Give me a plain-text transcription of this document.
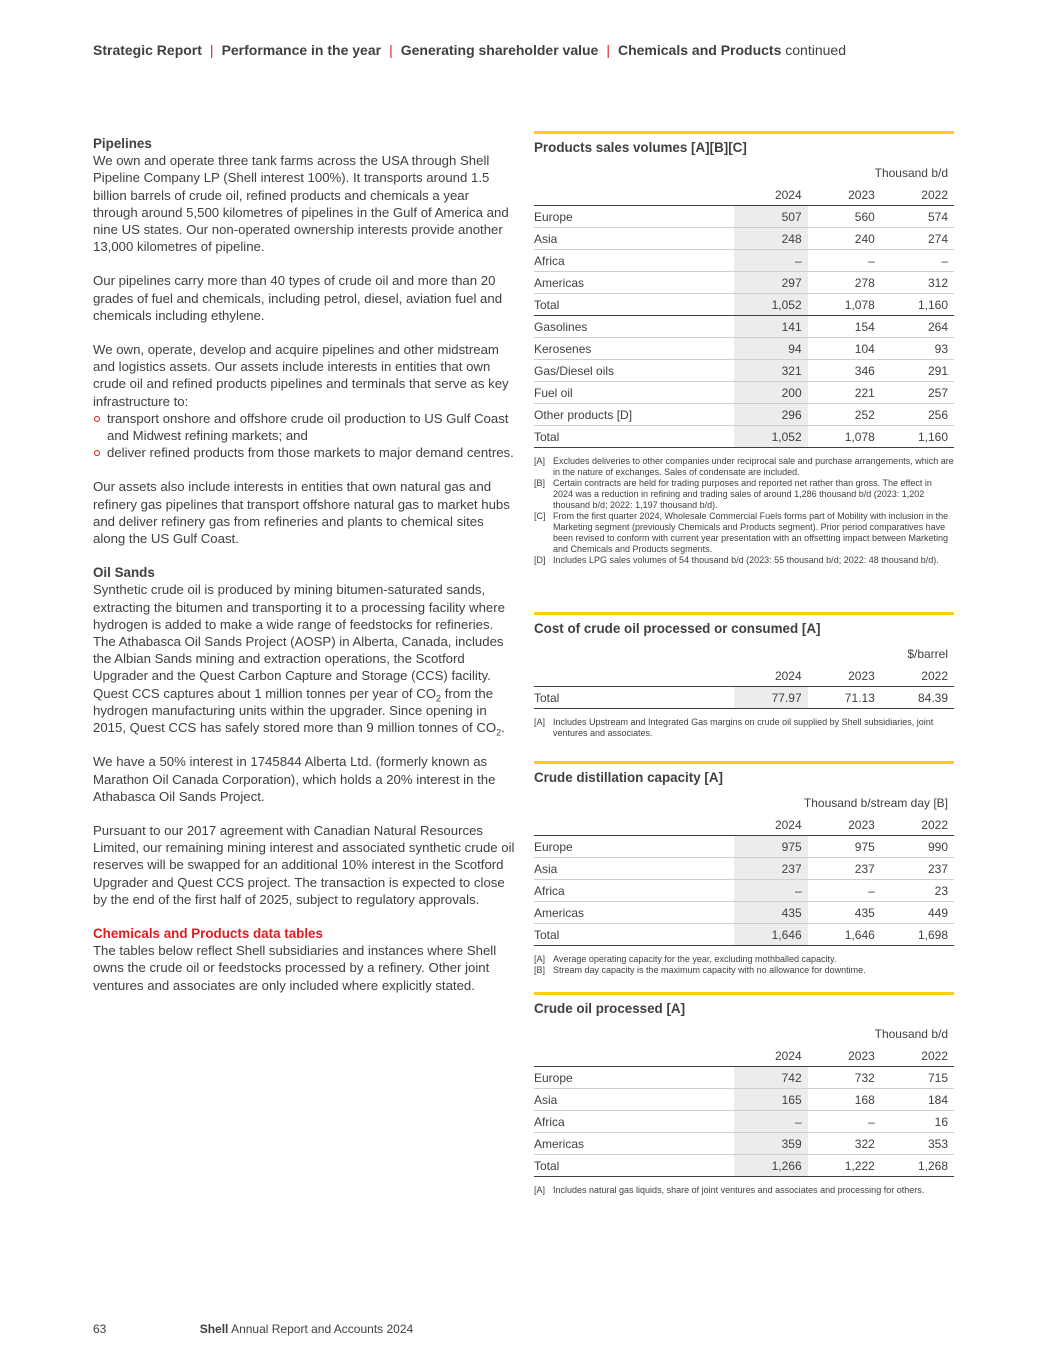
Strategic Report | Performance in the year | Generating shareholder value | Chemicals and Products continued
Pipelines

We own and operate three tank farms across the USA through Shell Pipeline Company LP (Shell interest 100%). It transports around 1.5 billion barrels of crude oil, refined products and chemicals a year through around 5,500 kilometres of pipelines in the Gulf of America and nine US states. Our non-operated ownership interests provide another 13,000 kilometres of pipeline.

Our pipelines carry more than 40 types of crude oil and more than 20 grades of fuel and chemicals, including petrol, diesel, aviation fuel and chemicals including ethylene.

We own, operate, develop and acquire pipelines and other midstream and logistics assets. Our assets include interests in entities that own crude oil and refined products pipelines and terminals that serve as key infrastructure to:

transport onshore and offshore crude oil production to US Gulf Coast and Midwest refining markets; and
deliver refined products from those markets to major demand centres.

Our assets also include interests in entities that own natural gas and refinery gas pipelines that transport offshore natural gas to market hubs and deliver refinery gas from refineries and plants to chemical sites along the US Gulf Coast.

Oil Sands

Synthetic crude oil is produced by mining bitumen-saturated sands, extracting the bitumen and transporting it to a processing facility where hydrogen is added to make a wide range of feedstocks for refineries. The Athabasca Oil Sands Project (AOSP) in Alberta, Canada, includes the Albian Sands mining and extraction operations, the Scotford Upgrader and the Quest Carbon Capture and Storage (CCS) facility. Quest CCS captures about 1 million tonnes per year of $CO_2$ from the hydrogen manufacturing units within the upgrader. Since opening in 2015, Quest CCS has safely stored more than 9 million tonnes of $CO_2$.

We have a 50% interest in 1745844 Alberta Ltd. (formerly known as Marathon Oil Canada Corporation), which holds a 20% interest in the Athabasca Oil Sands Project.

Pursuant to our 2017 agreement with Canadian Natural Resources Limited, our remaining mining interest and associated synthetic crude oil reserves will be swapped for an additional 10% interest in the Scotford Upgrader and Quest CCS project. The transaction is expected to close by the end of the first half of 2025, subject to regulatory approvals.

Chemicals and Products data tables

The tables below reflect Shell subsidiaries and instances where Shell owns the crude oil or feedstocks processed by a refinery. Other joint ventures and associates are only included where explicitly stated.

Products sales volumes [A][B][C]
Thousand b/d
	2024	2023	2022
Europe	507	560	574
Asia	248	240	274
Africa	–	–	–
Americas	297	278	312
Total	1,052	1,078	1,160
Gasolines	141	154	264
Kerosenes	94	104	93
Gas/Diesel oils	321	346	291
Fuel oil	200	221	257
Other products [D]	296	252	256
Total	1,052	1,078	1,160
[A] Excludes deliveries to other companies under reciprocal sale and purchase arrangements, which are in the nature of exchanges. Sales of condensate are included.
[B] Certain contracts are held for trading purposes and reported net rather than gross. The effect in 2024 was a reduction in refining and trading sales of around 1,286 thousand b/d (2023: 1,202 thousand b/d; 2022: 1,197 thousand b/d).
[C] From the first quarter 2024, Wholesale Commercial Fuels forms part of Mobility with inclusion in the Marketing segment (previously Chemicals and Products segment). Prior period comparatives have been revised to conform with current year presentation with an offsetting impact between Marketing and Chemicals and Products segments.
[D] Includes LPG sales volumes of 54 thousand b/d (2023: 55 thousand b/d; 2022: 48 thousand b/d).
Cost of crude oil processed or consumed [A]
$/barrel
	2024	2023	2022
Total	77.97	71.13	84.39
[A] Includes Upstream and Integrated Gas margins on crude oil supplied by Shell subsidiaries, joint ventures and associates.
Crude distillation capacity [A]
Thousand b/stream day [B]
	2024	2023	2022
Europe	975	975	990
Asia	237	237	237
Africa	–	–	23
Americas	435	435	449
Total	1,646	1,646	1,698
[A] Average operating capacity for the year, excluding mothballed capacity.
[B] Stream day capacity is the maximum capacity with no allowance for downtime.
Crude oil processed [A]
Thousand b/d
	2024	2023	2022
Europe	742	732	715
Asia	165	168	184
Africa	–	–	16
Americas	359	322	353
Total	1,266	1,222	1,268
[A] Includes natural gas liquids, share of joint ventures and associates and processing for others.
63	Shell Annual Report and Accounts 2024
